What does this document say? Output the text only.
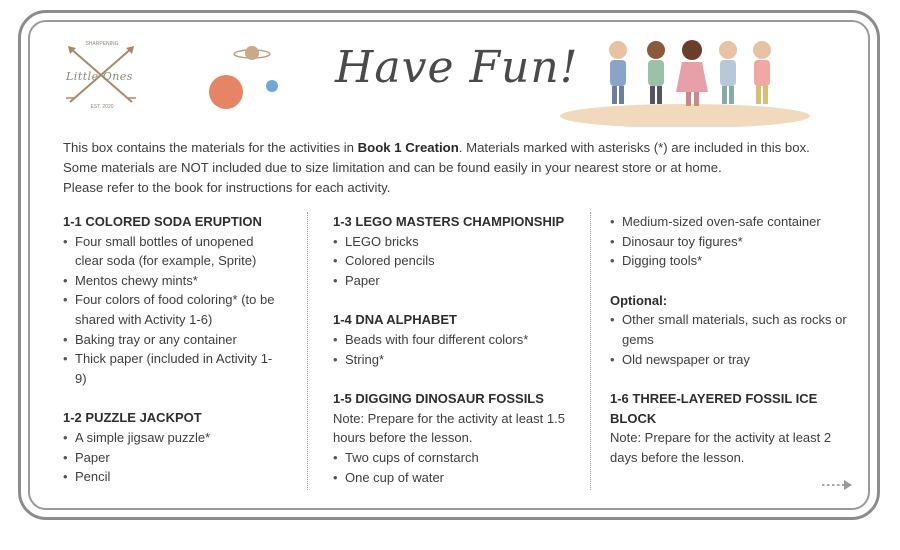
SHARPENING
EST. 2020
Little Ones	Have Fun!

This box contains the materials for the activities in Book 1 Creation. Materials marked with asterisks (*) are included in this box.

Some materials are NOT included due to size limitation and can be found easily in your nearest store or at home.

Please refer to the book for instructions for each activity.

1-1 COLORED SODA ERUPTION

• Four small bottles of unopened clear soda (for example, Sprite)
• Mentos chewy mints*
• Four colors of food coloring* (to be shared with Activity 1-6)
• Baking tray or any container
• Thick paper (included in Activity 1-9)

1-2 PUZZLE JACKPOT

• A simple jigsaw puzzle*
• Paper
• Pencil

1-3 LEGO MASTERS CHAMPIONSHIP

• LEGO bricks
• Colored pencils
• Paper

1-4 DNA ALPHABET

• Beads with four different colors*
• String*

1-5 DIGGING DINOSAUR FOSSILS

Note: Prepare for the activity at least 1.5 hours before the lesson.

• Two cups of cornstarch
• One cup of water
• Medium-sized oven-safe container
• Dinosaur toy figures*
• Digging tools*

Optional:

• Other small materials, such as rocks or gems
• Old newspaper or tray

1-6 THREE-LAYERED FOSSIL ICE BLOCK

Note: Prepare for the activity at least 2 days before the lesson.
